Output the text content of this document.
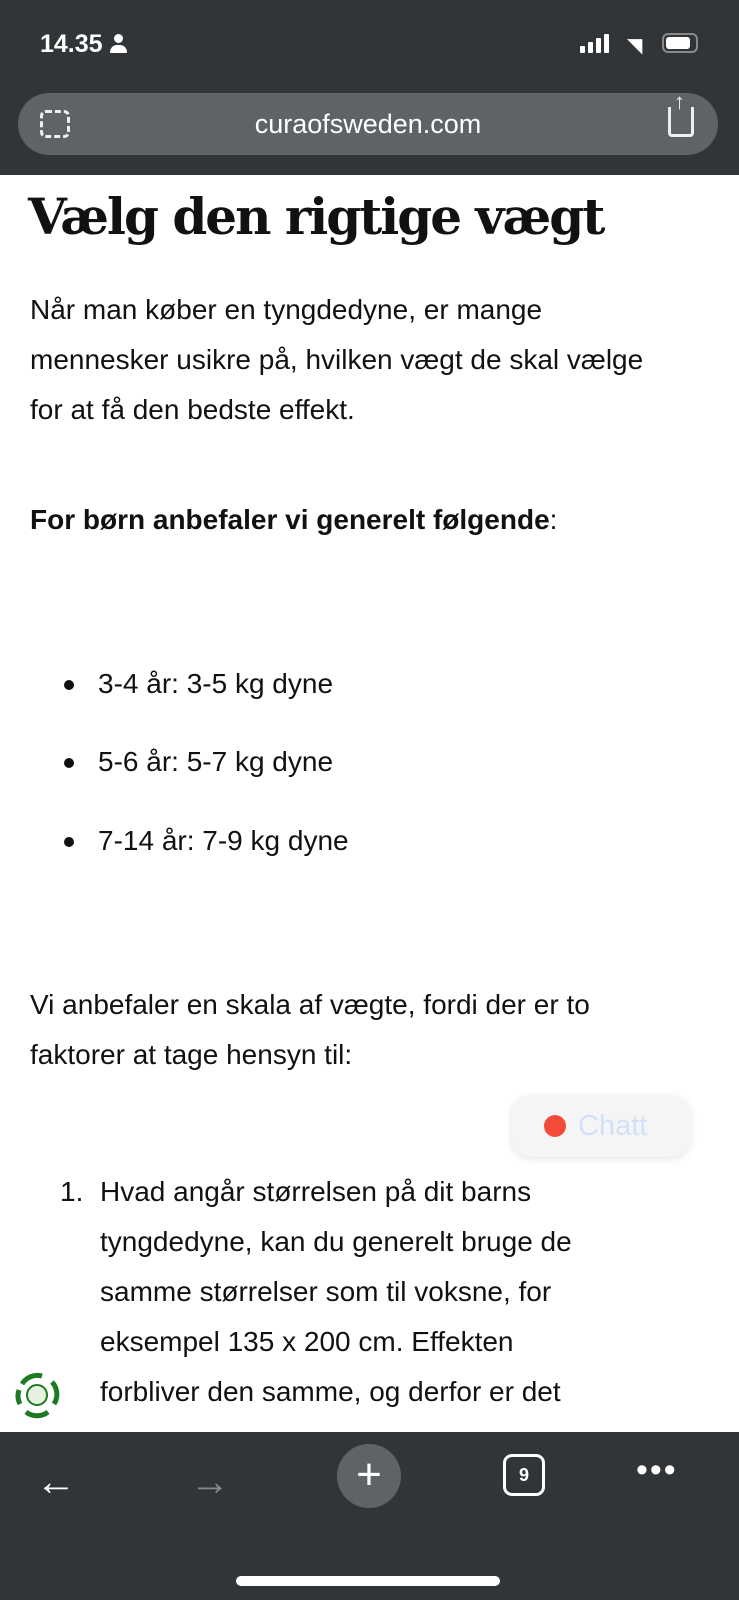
14.35	◥
curaofsweden.com
↑
Vælg den rigtige vægt
Når man køber en tyngdedyne, er mange
mennesker usikre på, hvilken vægt de skal vælge
for at få den bedste effekt.
For børn anbefaler vi generelt følgende:
3-4 år: 3-5 kg dyne
5-6 år: 5-7 kg dyne
7-14 år: 7-9 kg dyne
Vi anbefaler en skala af vægte, fordi der er to
faktorer at tage hensyn til:
1. Hvad angår størrelsen på dit barns
tyngdedyne, kan du generelt bruge de
samme størrelser som til voksne, for
eksempel 135 x 200 cm. Effekten
forbliver den samme, og derfor er det
Chatt
←	→	+	9	•••
